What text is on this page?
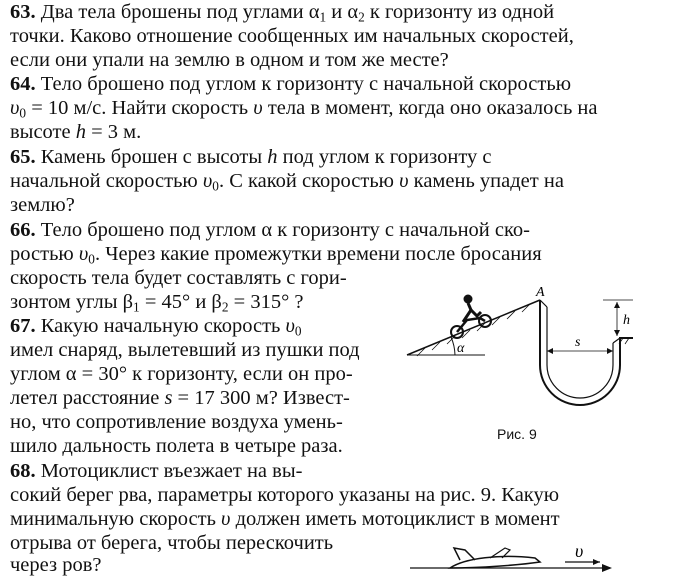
63. Два тела брошены под углами $\alpha_1$ и $\alpha_2$ к горизонту из одной
точки. Каково отношение сообщенных им начальных скоростей,
если они упали на землю в одном и том же месте?
64. Тело брошено под углом к горизонту с начальной скоростью
$\upsilon_0 = 10$ м/с. Найти скорость υ тела в момент, когда оно оказалось на
высоте h = 3 м.
65. Камень брошен с высоты h под углом к горизонту с
начальной скоростью $\upsilon_0$. С какой скоростью υ камень упадет на
землю?
66. Тело брошено под углом α к горизонту с начальной ско-
ростью $\upsilon_0$. Через какие промежутки времени после бросания
скорость тела будет составлять с гори-
зонтом углы $\beta_1 = 45^\circ$ и $\beta_2 = 315^\circ$ ?
67. Какую начальную скорость $\upsilon_0$
имел снаряд, вылетевший из пушки под
углом α = 30° к горизонту, если он про-
летел расстояние s = 17 300 м? Извест-
но, что сопротивление воздуха умень-
шило дальность полета в четыре раза.
68. Мотоциклист въезжает на вы-
сокий берег рва, параметры которого указаны на рис. 9. Какую
минимальную скорость υ должен иметь мотоциклист в момент
отрыва от берега, чтобы перескочить
через ров?
α
A
h
s
Рис. 9
υ
